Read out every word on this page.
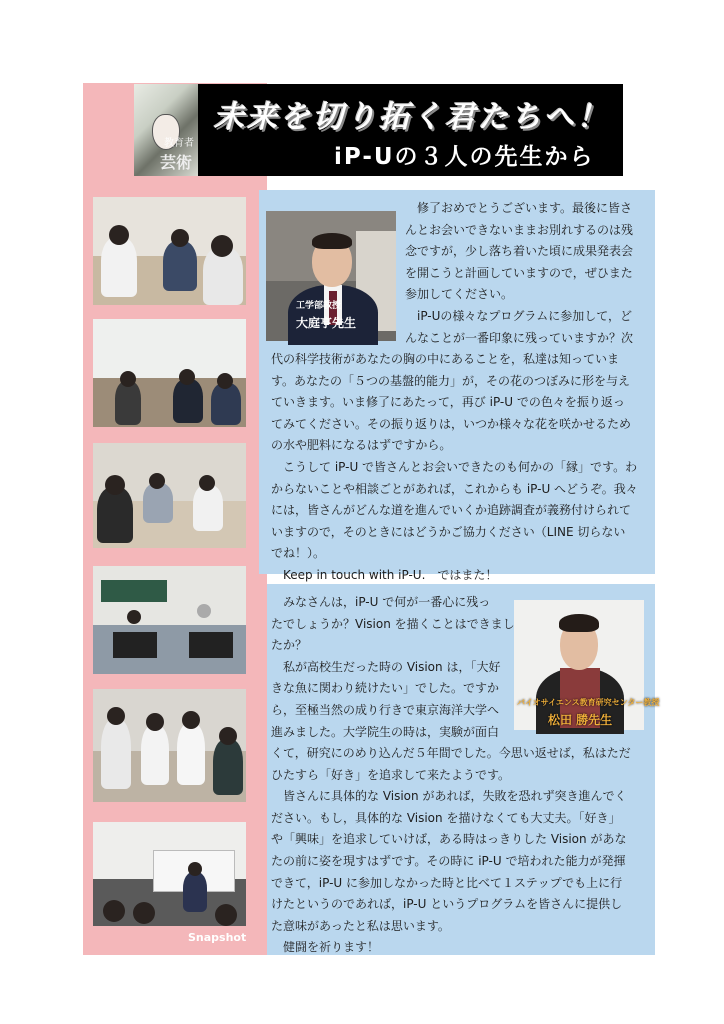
教育者
芸術
未来を切り拓く君たちへ！
iP-Uの３人の先生から
Snapshot
工学部教授
大庭亨先生
修了おめでとうございます。最後に皆さ
んとお会いできないままお別れするのは残
念ですが，少し落ち着いた頃に成果発表会
を開こうと計画していますので，ぜひまた
参加してください。
iP-Uの様々なプログラムに参加して，ど
んなことが一番印象に残っていますか？次
代の科学技術があなたの胸の中にあることを，私達は知っていま
す。あなたの「５つの基盤的能力」が，その花のつぼみに形を与え
ていきます。いま修了にあたって，再び iP-U での色々を振り返っ
てみてください。その振り返りは，いつか様々な花を咲かせるため
の水や肥料になるはずですから。
　こうして iP-U で皆さんとお会いできたのも何かの「縁」です。わ
からないことや相談ごとがあれば，これからも iP-U へどうぞ。我々
には，皆さんがどんな道を進んでいくか追跡調査が義務付けられて
いますので，そのときにはどうかご協力ください（LINE 切らない
でね！）。
　Keep in touch with iP-U.　ではまた！
バイオサイエンス教育研究センター教授
松田 勝先生
　みなさんは，iP-U で何が一番心に残っ
たでしょうか？Vision を描くことはできまし
たか？
　私が高校生だった時の Vision は，「大好
きな魚に関わり続けたい」でした。ですか
ら，至極当然の成り行きで東京海洋大学へ
進みました。大学院生の時は，実験が面白
くて，研究にのめり込んだ５年間でした。今思い返せば，私はただ
ひたすら「好き」を追求して来たようです。
　皆さんに具体的な Vision があれば，失敗を恐れず突き進んでく
ださい。もし，具体的な Vision を描けなくても大丈夫。「好き」
や「興味」を追求していけば，ある時はっきりした Vision があな
たの前に姿を現すはずです。その時に iP-U で培われた能力が発揮
できて，iP-U に参加しなかった時と比べて１ステップでも上に行
けたというのであれば，iP-U というプログラムを皆さんに提供し
た意味があったと私は思います。
　健闘を祈ります！
